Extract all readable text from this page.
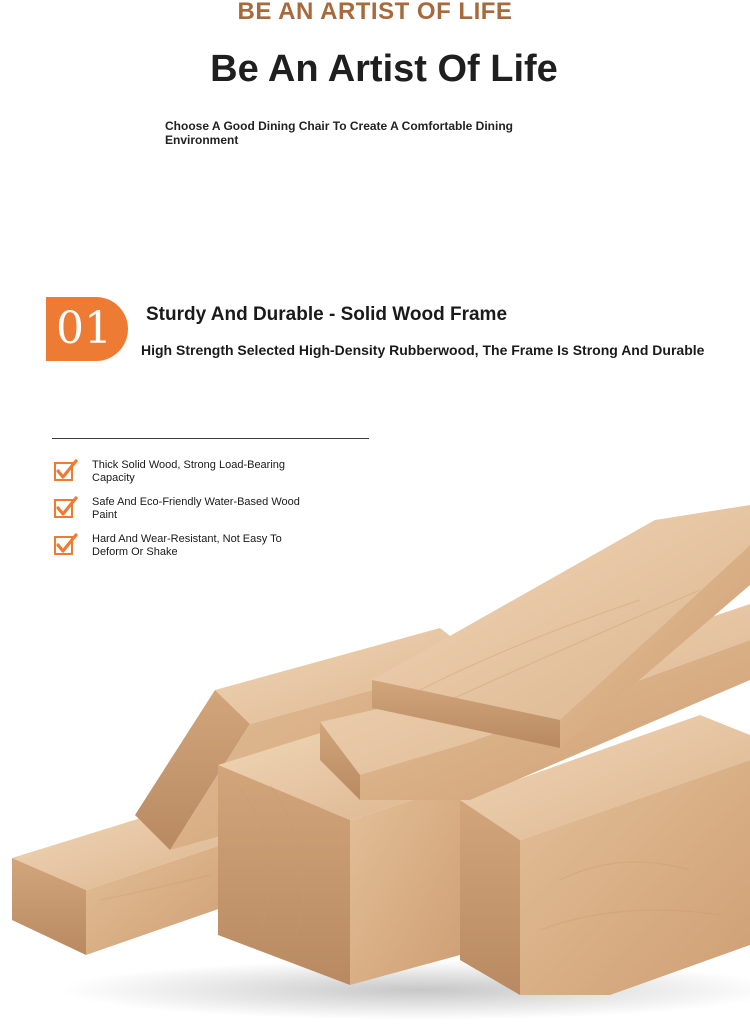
BE AN ARTIST OF LIFE
Be An Artist Of Life
Choose A Good Dining Chair To Create A Comfortable Dining Environment
01	Sturdy And Durable - Solid Wood Frame
High Strength Selected High-Density Rubberwood, The Frame Is Strong And Durable
Thick Solid Wood, Strong Load-Bearing Capacity
Safe And Eco-Friendly Water-Based Wood Paint
Hard And Wear-Resistant, Not Easy To Deform Or Shake
